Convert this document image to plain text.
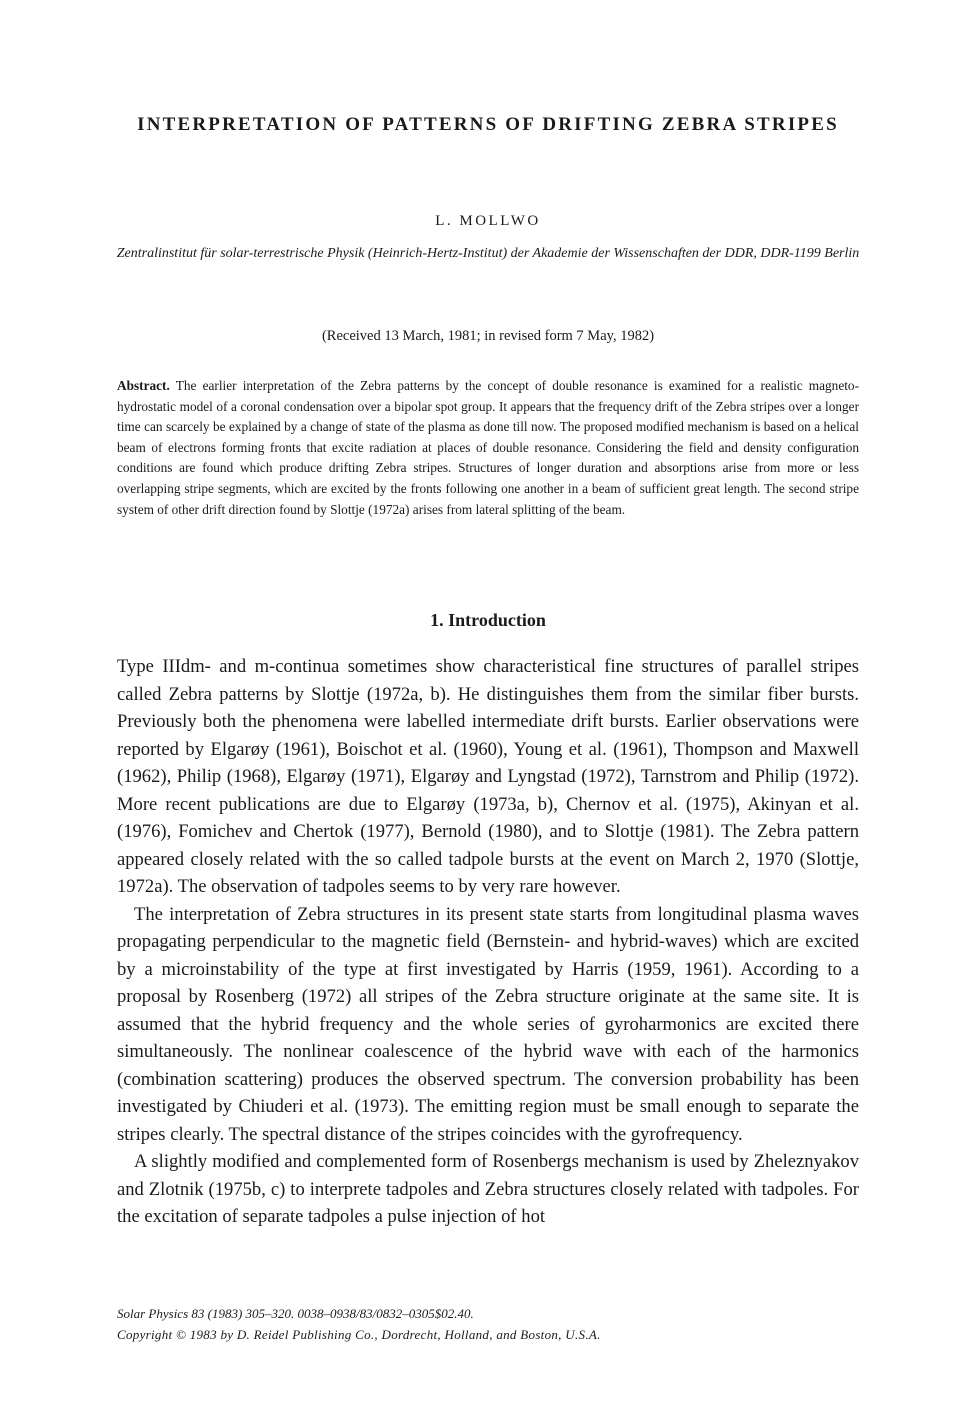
INTERPRETATION OF PATTERNS OF DRIFTING ZEBRA STRIPES
L. MOLLWO
Zentralinstitut für solar-terrestrische Physik (Heinrich-Hertz-Institut) der Akademie der Wissenschaften der DDR, DDR-1199 Berlin
(Received 13 March, 1981; in revised form 7 May, 1982)

Abstract. The earlier interpretation of the Zebra patterns by the concept of double resonance is examined for a realistic magneto-hydrostatic model of a coronal condensation over a bipolar spot group. It appears that the frequency drift of the Zebra stripes over a longer time can scarcely be explained by a change of state of the plasma as done till now. The proposed modified mechanism is based on a helical beam of electrons forming fronts that excite radiation at places of double resonance. Considering the field and density configuration conditions are found which produce drifting Zebra stripes. Structures of longer duration and absorptions arise from more or less overlapping stripe segments, which are excited by the fronts following one another in a beam of sufficient great length. The second stripe system of other drift direction found by Slottje (1972a) arises from lateral splitting of the beam.

1. Introduction

Type IIIdm- and m-continua sometimes show characteristical fine structures of parallel stripes called Zebra patterns by Slottje (1972a, b). He distinguishes them from the similar fiber bursts. Previously both the phenomena were labelled intermediate drift bursts. Earlier observations were reported by Elgarøy (1961), Boischot et al. (1960), Young et al. (1961), Thompson and Maxwell (1962), Philip (1968), Elgarøy (1971), Elgarøy and Lyngstad (1972), Tarnstrom and Philip (1972). More recent publications are due to Elgarøy (1973a, b), Chernov et al. (1975), Akinyan et al. (1976), Fomichev and Chertok (1977), Bernold (1980), and to Slottje (1981). The Zebra pattern appeared closely related with the so called tadpole bursts at the event on March 2, 1970 (Slottje, 1972a). The observation of tadpoles seems to by very rare however.

The interpretation of Zebra structures in its present state starts from longitudinal plasma waves propagating perpendicular to the magnetic field (Bernstein- and hybrid-waves) which are excited by a microinstability of the type at first investigated by Harris (1959, 1961). According to a proposal by Rosenberg (1972) all stripes of the Zebra structure originate at the same site. It is assumed that the hybrid frequency and the whole series of gyroharmonics are excited there simultaneously. The nonlinear coalescence of the hybrid wave with each of the harmonics (combination scattering) produces the observed spectrum. The conversion probability has been investigated by Chiuderi et al. (1973). The emitting region must be small enough to separate the stripes clearly. The spectral distance of the stripes coincides with the gyrofrequency.

A slightly modified and complemented form of Rosenbergs mechanism is used by Zheleznyakov and Zlotnik (1975b, c) to interprete tadpoles and Zebra structures closely related with tadpoles. For the excitation of separate tadpoles a pulse injection of hot

Solar Physics 83 (1983) 305–320. 0038–0938/83/0832–0305$02.40.
Copyright © 1983 by D. Reidel Publishing Co., Dordrecht, Holland, and Boston, U.S.A.
